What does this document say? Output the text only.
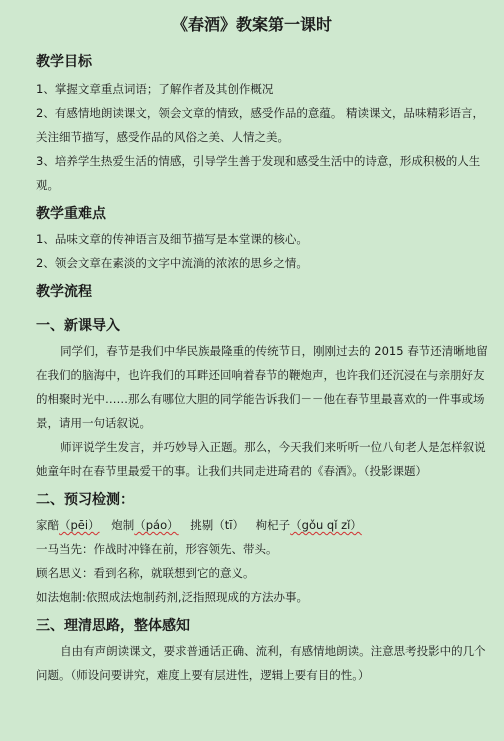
《春酒》教案第一课时
教学目标

1、掌握文章重点词语；了解作者及其创作概况

2、有感情地朗读课文，领会文章的情致，感受作品的意蕴。 精读课文，品味精彩语言，关注细节描写，感受作品的风俗之美、人情之美。

3、培养学生热爱生活的情感，引导学生善于发现和感受生活中的诗意，形成积极的人生观。

教学重难点

1、品味文章的传神语言及细节描写是本堂课的核心。

2、领会文章在素淡的文字中流淌的浓浓的思乡之情。

教学流程
一、新课导入

同学们，春节是我们中华民族最隆重的传统节日，刚刚过去的 2015 春节还清晰地留在我们的脑海中，也许我们的耳畔还回响着春节的鞭炮声，也许我们还沉浸在与亲朋好友的相聚时光中……那么有哪位大胆的同学能告诉我们－－他在春节里最喜欢的一件事或场景，请用一句话叙说。

师评说学生发言，并巧妙导入正题。那么，今天我们来听听一位八旬老人是怎样叙说她童年时在春节里最爱干的事。让我们共同走进琦君的《春酒》。（投影课题）

二、预习检测：

家醅（pēi） 炮制（páo） 挑剔（tī） 枸杞子（gǒu qǐ zǐ）

一马当先：作战时冲锋在前，形容领先、带头。

顾名思义：看到名称，就联想到它的意义。

如法炮制:依照成法炮制药剂,泛指照现成的方法办事。

三、理清思路，整体感知

自由有声朗读课文，要求普通话正确、流利，有感情地朗读。注意思考投影中的几个问题。（师设问要讲究，难度上要有层进性，逻辑上要有目的性。）
